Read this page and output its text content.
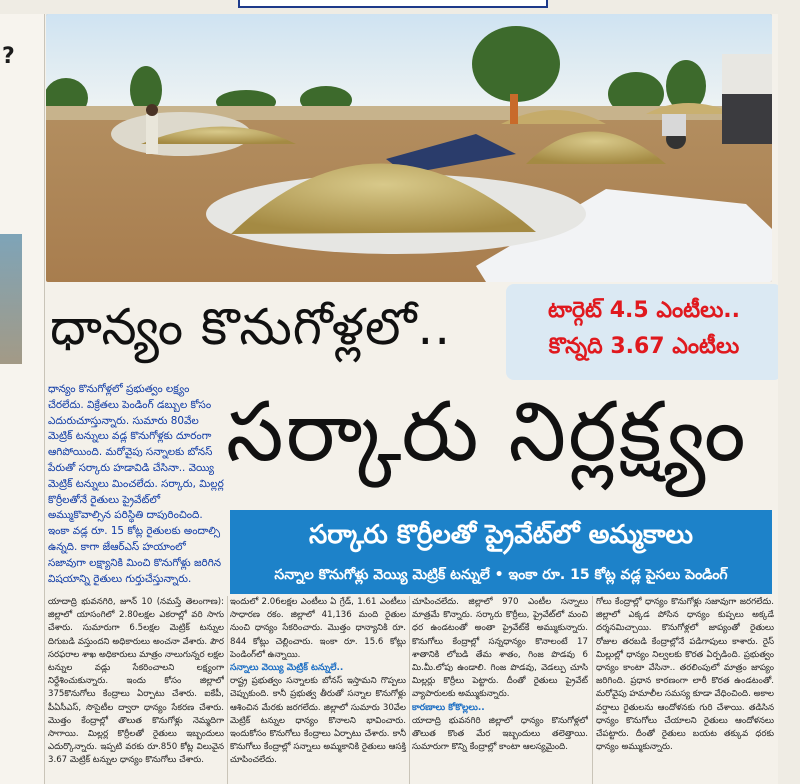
?
టార్గెట్ 4.5 ఎంటీలు..
కొన్నది 3.67 ఎంటీలు
ధాన్యం కొనుగోళ్లలో..
సర్కారు నిర్లక్ష్యం

ధాన్యం కొనుగోళ్లలో ప్రభుత్వం లక్ష్యం చేరలేదు. విక్రేతలు పెండింగ్‌ డబ్బుల కోసం ఎదురుచూస్తున్నారు. సుమారు 80వేల మెట్రిక్‌ టన్నులు వడ్ల కొనుగోళ్లకు దూరంగా ఆగిపోయింది. మరోవైపు సన్నాలకు బోనస్‌ పేరుతో సర్కారు హడావిడి చేసినా.. వెయ్యి మెట్రిక్‌ టన్నులు మించలేదు. సర్కారు, మిల్లర్ల కొర్రీలతోనే రైతులు ప్రైవేట్‌లో అమ్ముకొవాల్సిన పరిస్థితి దాపురించింది. ఇంకా వడ్ల రూ. 15 కోట్ల రైతులకు అందాల్సి ఉన్నది. కాగా జేఆర్‌ఎస్‌ హయాంలో సజావుగా లక్ష్యానికి మించి కొనుగోళ్లు జరిగిన విషయాన్ని రైతులు గుర్తుచేస్తున్నారు.

సర్కారు కొర్రీలతో ప్రైవేట్‌లో అమ్మకాలు
సన్నాల కొనుగోళ్లు వెయ్యి మెట్రిక్ టన్నులే • ఇంకా రూ. 15 కోట్ల వడ్ల పైసలు పెండింగ్

యాదాద్రి భువనగిరి, జూన్‌ 10 (నమస్తే తెలంగాణ): జిల్లాలో యాసంగిలో 2.80లక్షల ఎకరాల్లో వరి సాగు చేశారు. సుమారుగా 6.5లక్షల మెట్రిక్‌ టన్నుల దిగుబడి వస్తుందని అధికారులు అంచనా వేశారు. పౌర సరఫరాల శాఖ అధికారులు మాత్రం నాలుగున్నర లక్షల టన్నుల వడ్లు సేకరించాలని లక్ష్యంగా నిర్దేశించుకున్నారు. ఇందు కోసం జిల్లాలో 375కొనుగోలు కేంద్రాలు ఏర్పాటు చేశారు. ఐకేపీ, పీఏసీఎస్‌, సొసైటీల ద్వారా ధాన్యం సేకరణ చేశారు. మొత్తం కేంద్రాల్లో తొలుత కొనుగోళ్లు నెమ్మదిగా సాగాయి. మిల్లర్ల కొర్రీలతో రైతులు ఇబ్బందులు ఎదుర్కొన్నారు. ఇప్పటి వరకు రూ.850 కోట్ల విలువైన 3.67 మెట్రిక్‌ టన్నుల ధాన్యం కొనుగోలు చేశారు.

ఇందులో 2.06లక్షల ఎంటీలు ఏ గ్రేడ్‌, 1.61 ఎంటీలు సాధారణ రకం. జిల్లాలో 41,136 మంది రైతుల నుంచి ధాన్యం సేకరించారు. మొత్తం ధాన్యానికి రూ. 844 కోట్లు చెల్లించారు. ఇంకా రూ. 15.6 కోట్లు పెండింగ్‌లో ఉన్నాయి.

సన్నాలు వెయ్యి మెట్రిక్‌ టన్నులే..

రాష్ట్ర ప్రభుత్వం సన్నాలకు బోనస్‌ ఇస్తామని గొప్పలు చెప్పుకుంది. కానీ ప్రభుత్వ తీరుతో సన్నాల కొనుగోళ్లు ఆశించిన మేరకు జరగలేదు. జిల్లాలో సుమారు 30వేల మెట్రిక్‌ టన్నుల ధాన్యం కొనాలని భావించారు. ఇందుకోసం కొనుగోలు కేంద్రాలు ఏర్పాటు చేశారు. కానీ కొనుగోలు కేంద్రాల్లో సన్నాలు అమ్మకానికి రైతులు ఆసక్తి చూపించలేదు.

చూపించలేదు. జిల్లాలో 970 ఎంటీల సన్నాలు మాత్రమే కొన్నారు. సర్కారు కొర్రీలు, ప్రైవేట్‌లో మంచి ధర ఉండటంతో అంతా ప్రైవేట్‌కే అమ్ముకున్నారు. కొనుగోలు కేంద్రాల్లో సన్నధాన్యం కొనాలంటే 17 శాతానికి లోబడి తేమ శాతం, గింజ పొడవు 6 మి.మీ.లోపు ఉండాలి. గింజ పొడవు, వెడల్పు చూసి మిల్లర్లు కొర్రీలు పెట్టారు. దీంతో రైతులు ప్రైవేట్‌ వ్యాపారులకు అమ్ముకున్నారు.

కారణాలు కోకొల్లలు..

యాదాద్రి భువనగిరి జిల్లాలో ధాన్యం కొనుగోళ్లలో తొలుత కొంత మేర ఇబ్బందులు తలెత్తాయి. సుమారుగా కొన్ని కేంద్రాల్లో కాంటా ఆలస్యమైంది.

గోలు కేంద్రాల్లో ధాన్యం కొనుగోళ్లు సజావుగా జరగలేదు. జిల్లాలో ఎక్కడ పోసిన ధాన్యం కుప్పలు అక్కడే దర్శనమిచ్చాయి. కొనుగోళ్లలో జాప్యంతో రైతులు రోజుల తరబడి కేంద్రాల్లోనే పడిగాపులు కాశారు. రైస్‌ మిల్లుల్లో ధాన్యం నిల్వలకు కొరత ఏర్పడింది. ప్రభుత్వం ధాన్యం కాంటా వేసినా.. తరలింపులో మాత్రం జాప్యం జరిగింది. ప్రధాన కారణంగా లారీ కొరత ఉండటంతో. మరోవైపు హమాలీల సమస్య కూడా వేధించింది. అకాల వర్షాలు రైతులను ఆందోళనకు గురి చేశాయి. తడిసిన ధాన్యం కొనుగోలు చేయాలని రైతులు ఆందోళనలు చేపట్టారు. దీంతో రైతులు బయట తక్కువ ధరకు ధాన్యం అమ్ముకున్నారు.
